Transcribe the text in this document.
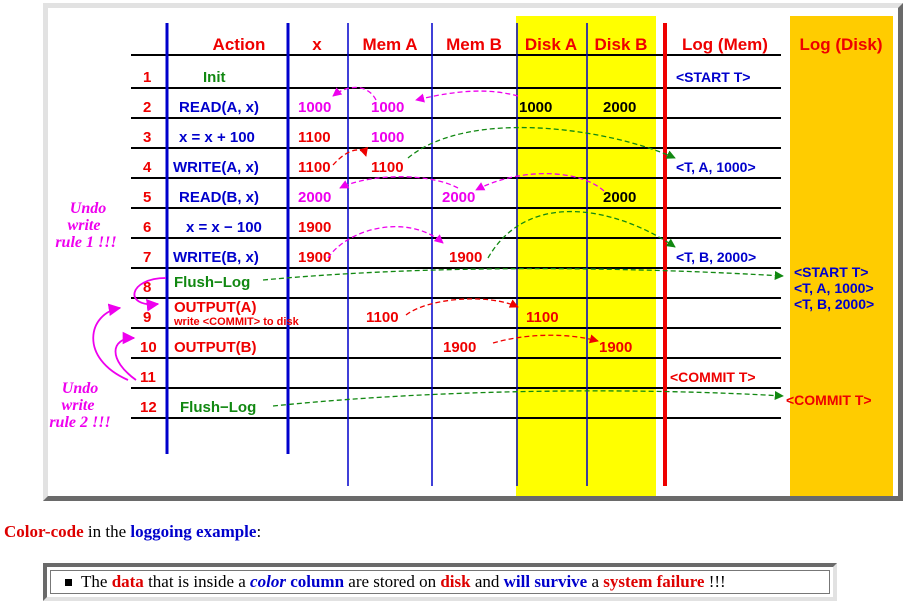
Action	x Mem A Mem B Disk A Disk B Log (Mem) Log (Disk)
1
2
3
4
5
6
7
8
9
10
11
12
Init
READ(A, x)
x = x + 100
WRITE(A, x)
READ(B, x)
x = x − 100
WRITE(B, x)
Flush−Log
OUTPUT(A)
write <COMMIT> to disk
OUTPUT(B)
Flush−Log
1000
1100
1100
2000
1900
1900
1000
1000
1100
1100
2000
1900
1900
1000
1100
2000
2000
1900
<START T>
<T, A, 1000>
<T, B, 2000>
<COMMIT T>
<START T>
<T, A, 1000>
<T, B, 2000>
<COMMIT T>
Undo
write
rule 1 !!!
Undo
write
rule 2 !!!
Color-code in the loggoing example:
The data that is inside a color column are stored on disk and will survive a system failure !!!
